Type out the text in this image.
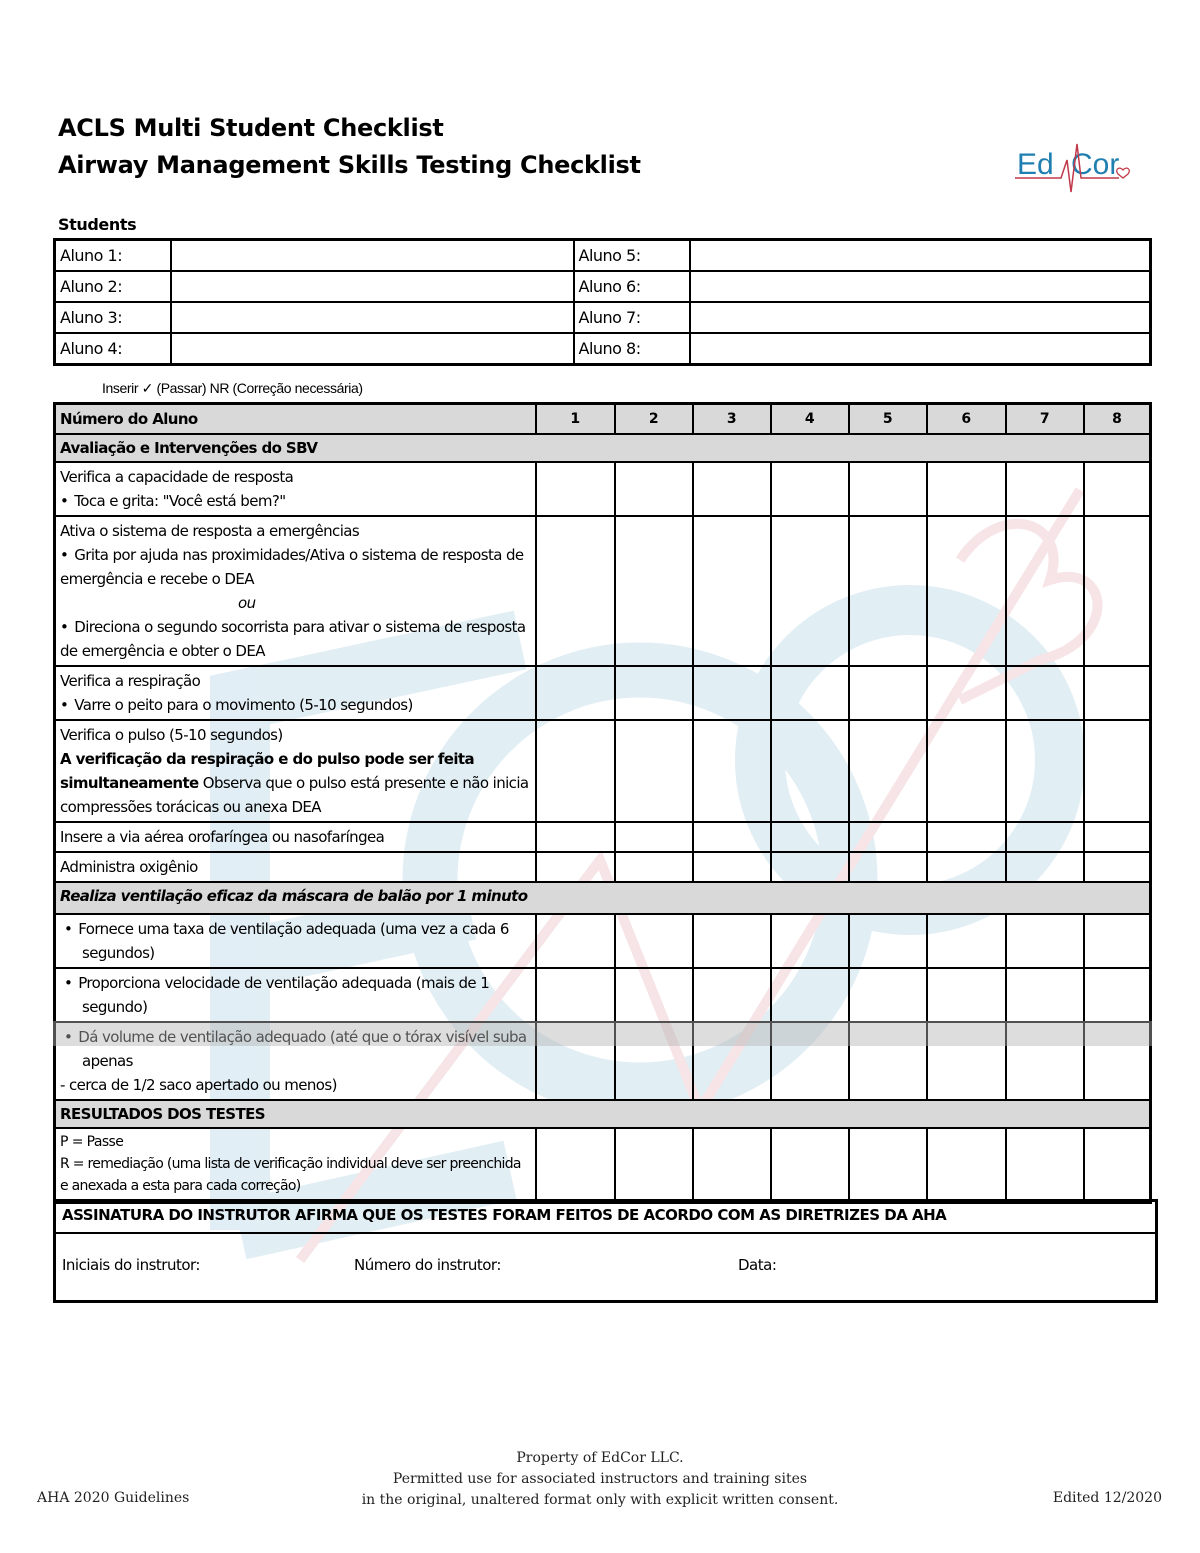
ACLS Multi Student Checklist
Airway Management Skills Testing Checklist	Ed Cor
Students
Aluno 1:		Aluno 5:	
Aluno 2:		Aluno 6:	
Aluno 3:		Aluno 7:	
Aluno 4:		Aluno 8:	
Inserir ✓ (Passar) NR (Correção necessária)
Número do Aluno	1	2	3	4	5	6	7	8
Avaliação e Intervenções do SBV								

Verifica a capacidade de resposta
• Toca e grita: "Você está bem?"

Ativa o sistema de resposta a emergências
• Grita por ajuda nas proximidades/Ativa o sistema de resposta de emergência e recebe o DEA
ou
• Direciona o segundo socorrista para ativar o sistema de resposta de emergência e obter o DEA

Verifica a respiração
• Varre o peito para o movimento (5-10 segundos)

Verifica o pulso (5-10 segundos)
A verificação da respiração e do pulso pode ser feita simultaneamente Observa que o pulso está presente e não inicia compressões torácicas ou anexa DEA								

Insere a via aérea orofaríngea ou nasofaríngea								
Administra oxigênio								
Realiza ventilação eficaz da máscara de balão por 1 minuto								

• Fornece uma taxa de ventilação adequada (uma vez a cada 6 segundos)

• Proporciona velocidade de ventilação adequada (mais de 1 segundo)

• Dá volume de ventilação adequado (até que o tórax visível suba apenas
- cerca de 1/2 saco apertado ou menos)

RESULTADOS DOS TESTES								

P = Passe
R = remediação (uma lista de verificação individual deve ser preenchida e anexada a esta para cada correção)								

ASSINATURA DO INSTRUTOR AFIRMA QUE OS TESTES FORAM FEITOS DE ACORDO COM AS DIRETRIZES DA AHA
Iniciais do instrutor:	Número do instrutor:	Data:
AHA 2020 Guidelines
Property of EdCor LLC.
Permitted use for associated instructors and training sites
in the original, unaltered format only with explicit written consent.	Edited 12/2020
